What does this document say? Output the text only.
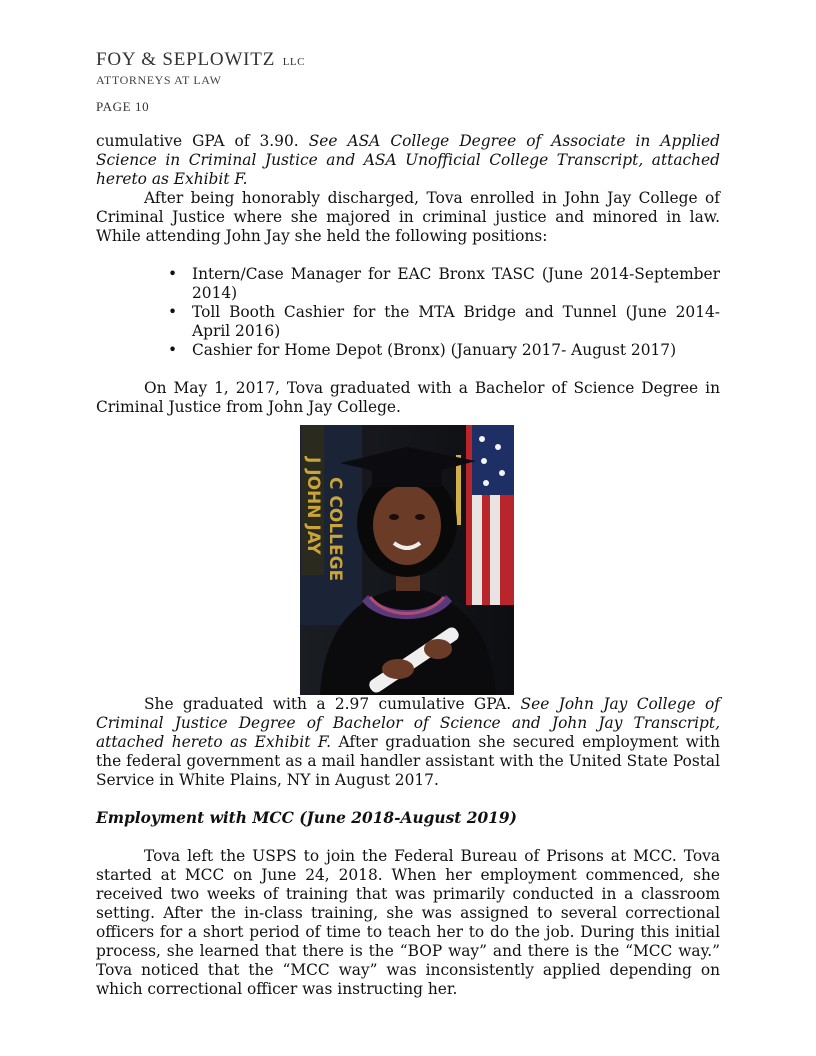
FOY & SEPLOWITZ LLC
ATTORNEYS AT LAW
PAGE 10

cumulative GPA of 3.90. See ASA College Degree of Associate in Applied Science in Criminal Justice and ASA Unofficial College Transcript, attached hereto as Exhibit F.

After being honorably discharged, Tova enrolled in John Jay College of Criminal Justice where she majored in criminal justice and minored in law. While attending John Jay she held the following positions:

• Intern/Case Manager for EAC Bronx TASC (June 2014-September 2014)
• Toll Booth Cashier for the MTA Bridge and Tunnel (June 2014- April 2016)
• Cashier for Home Depot (Bronx) (January 2017- August 2017)

On May 1, 2017, Tova graduated with a Bachelor of Science Degree in Criminal Justice from John Jay College.

J JOHN JAY C COLLEGE

She graduated with a 2.97 cumulative GPA. See John Jay College of Criminal Justice Degree of Bachelor of Science and John Jay Transcript, attached hereto as Exhibit F. After graduation she secured employment with the federal government as a mail handler assistant with the United State Postal Service in White Plains, NY in August 2017.

Employment with MCC (June 2018-August 2019)

Tova left the USPS to join the Federal Bureau of Prisons at MCC. Tova started at MCC on June 24, 2018. When her employment commenced, she received two weeks of training that was primarily conducted in a classroom setting. After the in-class training, she was assigned to several correctional officers for a short period of time to teach her to do the job. During this initial process, she learned that there is the “BOP way” and there is the “MCC way.” Tova noticed that the “MCC way” was inconsistently applied depending on which correctional officer was instructing her.
